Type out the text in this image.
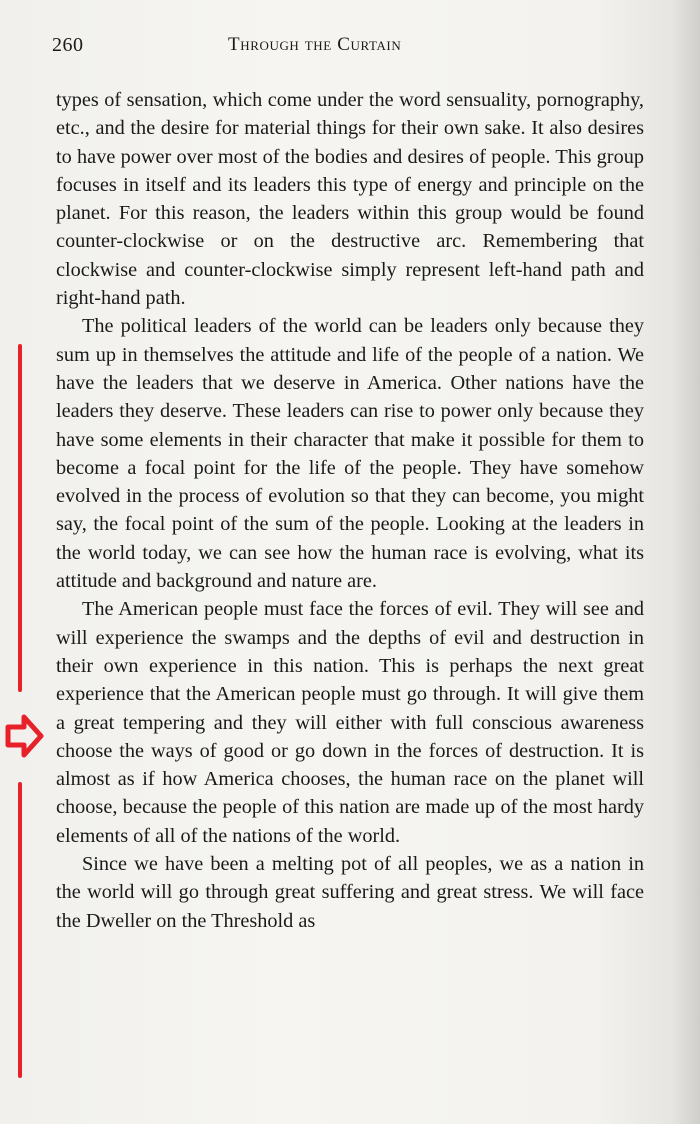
260	Through the Curtain

types of sensation, which come under the word sensuality, pornography, etc., and the desire for material things for their own sake. It also desires to have power over most of the bodies and desires of people. This group focuses in itself and its leaders this type of energy and principle on the planet. For this reason, the leaders within this group would be found counter-clockwise or on the destructive arc. Remembering that clockwise and counter-clockwise simply represent left-hand path and right-hand path.

The political leaders of the world can be leaders only because they sum up in themselves the attitude and life of the people of a nation. We have the leaders that we deserve in America. Other nations have the leaders they deserve. These leaders can rise to power only because they have some elements in their character that make it possible for them to become a focal point for the life of the people. They have somehow evolved in the process of evolution so that they can become, you might say, the focal point of the sum of the people. Looking at the leaders in the world today, we can see how the human race is evolving, what its attitude and background and nature are.

The American people must face the forces of evil. They will see and will experience the swamps and the depths of evil and destruction in their own experience in this nation. This is perhaps the next great experience that the American people must go through. It will give them a great tempering and they will either with full conscious awareness choose the ways of good or go down in the forces of destruction. It is almost as if how America chooses, the human race on the planet will choose, because the people of this nation are made up of the most hardy elements of all of the nations of the world.

Since we have been a melting pot of all peoples, we as a nation in the world will go through great suffering and great stress. We will face the Dweller on the Threshold as
